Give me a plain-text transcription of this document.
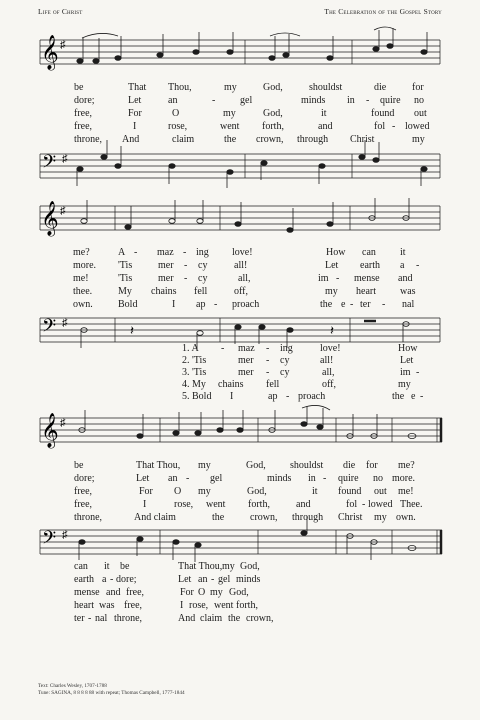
Life of Christ	The Celebration of the Gospel Story
𝄞 ♯
be	That Thou,	my	God,	shouldst	die	for
dore;	Let	an	- gel	minds in - quire no
free,	For	O	my	God,	it	found out
free,	I	rose,	went forth,	and	fol - lowed
throne, And	claim	the crown, through Christ	my
𝄢 ♯
𝄞 ♯
me?	A - maz - ing love!	How can it
more. 'Tis	mer - cy	all!	Let earth a -
me!	'Tis	mer - cy	all,	im - mense and
thee.	My chains fell	off,	my heart was
own.	Bold	I ap - proach	the e - ter - nal
𝄢 ♯	𝄽	𝄽
1. A - maz - ing	love!	How
2. 'Tis	mer - cy	all!	Let
3. 'Tis	mer - cy	all,	im -
4. My chains fell	off,	my
5. Bold I	ap - proach	the e -
𝄞 ♯
be	That Thou, my	God, shouldst die for me?
dore;	Let an - gel	minds in - quire no more.
free,	For O my	God,	it found out me!
free,	I	rose, went forth,	and	fol - lowed Thee.
throne,	And claim	the	crown, through Christ my own.
𝄢 ♯
can it be	That Thou, my God,
earth a - dore;	Let an - gel minds
mense and free,	For O my God,
heart was free,	I rose, went forth,
ter - nal throne,	And claim the crown,
Text: Charles Wesley, 1707-1788
Tune: SAGINA, 8 8 8 8 88 with repeat; Thomas Campbell, 1777-1844
